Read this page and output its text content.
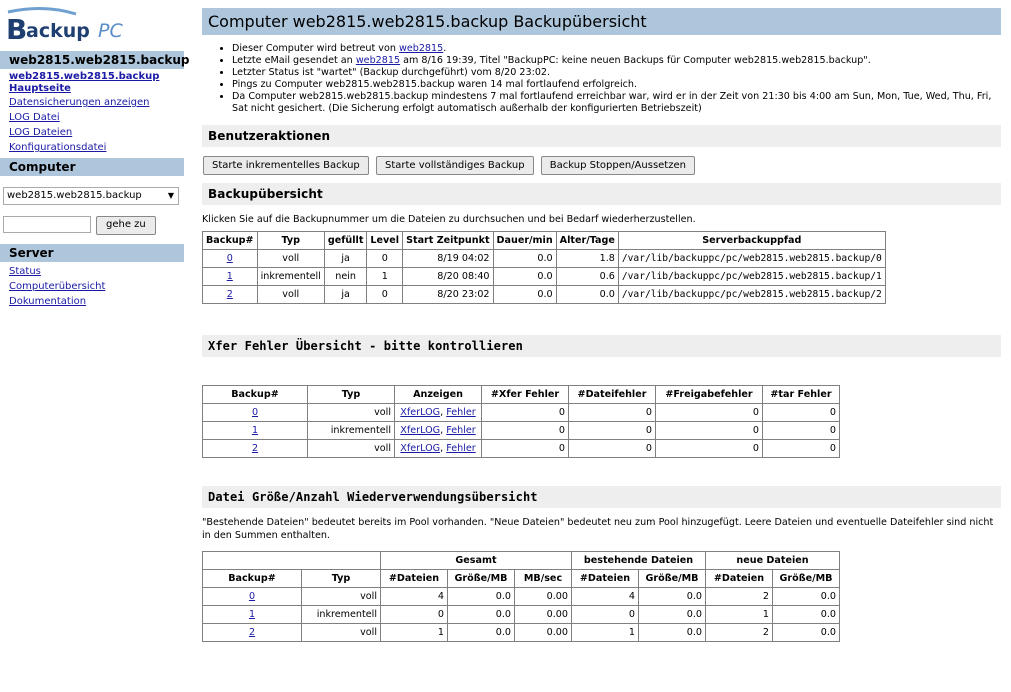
B
ackup PC
web2815.web2815.backup
web2815.web2815.backup
Hauptseite
Datensicherungen anzeigen
LOG Datei
LOG Dateien
Konfigurationsdatei
Computer
web2815.web2815.backup	▼
gehe zu
Server
Status
Computerübersicht
Dokumentation
Computer web2815.web2815.backup Backupübersicht
• Dieser Computer wird betreut von web2815.
• Letzte eMail gesendet an web2815 am 8/16 19:39, Titel "BackupPC: keine neuen Backups für Computer web2815.web2815.backup".
• Letzter Status ist "wartet" (Backup durchgeführt) vom 8/20 23:02.
• Pings zu Computer web2815.web2815.backup waren 14 mal fortlaufend erfolgreich.
• Da Computer web2815.web2815.backup mindestens 7 mal fortlaufend erreichbar war, wird er in der Zeit von 21:30 bis 4:00 am Sun, Mon, Tue, Wed, Thu, Fri, Sat nicht gesichert. (Die Sicherung erfolgt automatisch außerhalb der konfigurierten Betriebszeit)
Benutzeraktionen
Starte inkrementelles Backup	Starte vollständiges Backup	Backup Stoppen/Aussetzen
Backupübersicht

Klicken Sie auf die Backupnummer um die Dateien zu durchsuchen und bei Bedarf wiederherzustellen.

Backup#	Typ	gefüllt	Level	Start Zeitpunkt	Dauer/min	Alter/Tage	Serverbackuppfad
0	voll	ja	0	8/19 04:02	0.0	1.8	/var/lib/backuppc/pc/web2815.web2815.backup/0
1	inkrementell	nein	1	8/20 08:40	0.0	0.6	/var/lib/backuppc/pc/web2815.web2815.backup/1
2	voll	ja	0	8/20 23:02	0.0	0.0	/var/lib/backuppc/pc/web2815.web2815.backup/2
Xfer Fehler Übersicht - bitte kontrollieren
Backup#	Typ	Anzeigen	#Xfer Fehler	#Dateifehler	#Freigabefehler	#tar Fehler
0	voll	XferLOG, Fehler	0	0	0	0
1	inkrementell	XferLOG, Fehler	0	0	0	0
2	voll	XferLOG, Fehler	0	0	0	0
Datei Größe/Anzahl Wiederverwendungsübersicht

"Bestehende Dateien" bedeutet bereits im Pool vorhanden. "Neue Dateien" bedeutet neu zum Pool hinzugefügt. Leere Dateien und eventuelle Dateifehler sind nicht in den Summen enthalten.

		Gesamt			bestehende Dateien		neue Dateien	
Backup#	Typ	#Dateien	Größe/MB	MB/sec	#Dateien	Größe/MB	#Dateien	Größe/MB
0	voll	4	0.0	0.00	4	0.0	2	0.0
1	inkrementell	0	0.0	0.00	0	0.0	1	0.0
2	voll	1	0.0	0.00	1	0.0	2	0.0
